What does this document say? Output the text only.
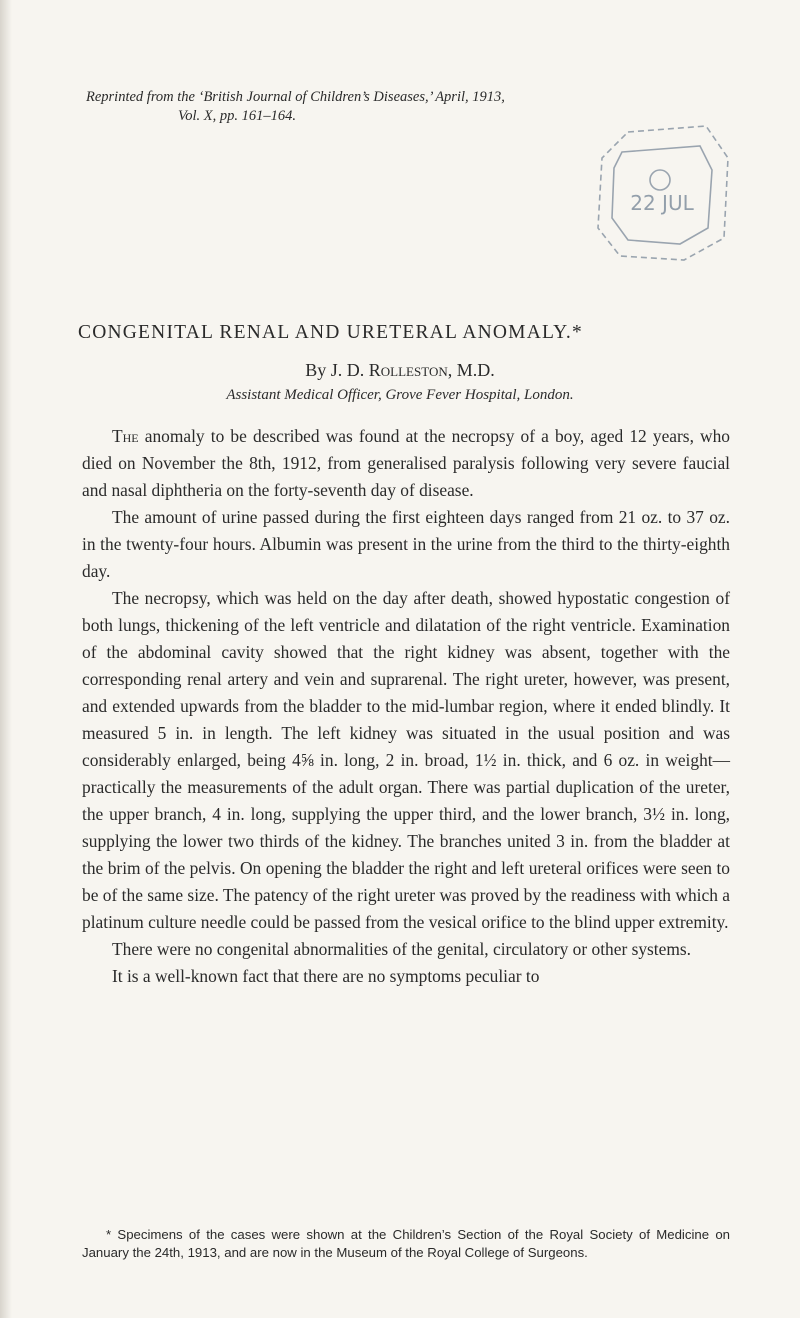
Reprinted from the ‘British Journal of Children’s Diseases,’ April, 1913,
Vol. X, pp. 161–164.
22 JUL
CONGENITAL RENAL AND URETERAL ANOMALY.*
By J. D. Rolleston, M.D.
Assistant Medical Officer, Grove Fever Hospital, London.

The anomaly to be described was found at the necropsy of a boy, aged 12 years, who died on November the 8th, 1912, from generalised paralysis following very severe faucial and nasal diphtheria on the forty-seventh day of disease.

The amount of urine passed during the first eighteen days ranged from 21 oz. to 37 oz. in the twenty-four hours. Albumin was present in the urine from the third to the thirty-eighth day.

The necropsy, which was held on the day after death, showed hypostatic congestion of both lungs, thickening of the left ventricle and dilatation of the right ventricle. Examination of the abdominal cavity showed that the right kidney was absent, together with the corresponding renal artery and vein and suprarenal. The right ureter, however, was present, and extended upwards from the bladder to the mid-lumbar region, where it ended blindly. It measured 5 in. in length. The left kidney was situated in the usual position and was considerably enlarged, being 4⅝ in. long, 2 in. broad, 1½ in. thick, and 6 oz. in weight—practically the measurements of the adult organ. There was partial duplication of the ureter, the upper branch, 4 in. long, supplying the upper third, and the lower branch, 3½ in. long, supplying the lower two thirds of the kidney. The branches united 3 in. from the bladder at the brim of the pelvis. On opening the bladder the right and left ureteral orifices were seen to be of the same size. The patency of the right ureter was proved by the readiness with which a platinum culture needle could be passed from the vesical orifice to the blind upper extremity.

There were no congenital abnormalities of the genital, circulatory or other systems.

It is a well-known fact that there are no symptoms peculiar to

* Specimens of the cases were shown at the Children’s Section of the Royal Society of Medicine on January the 24th, 1913, and are now in the Museum of the Royal College of Surgeons.
